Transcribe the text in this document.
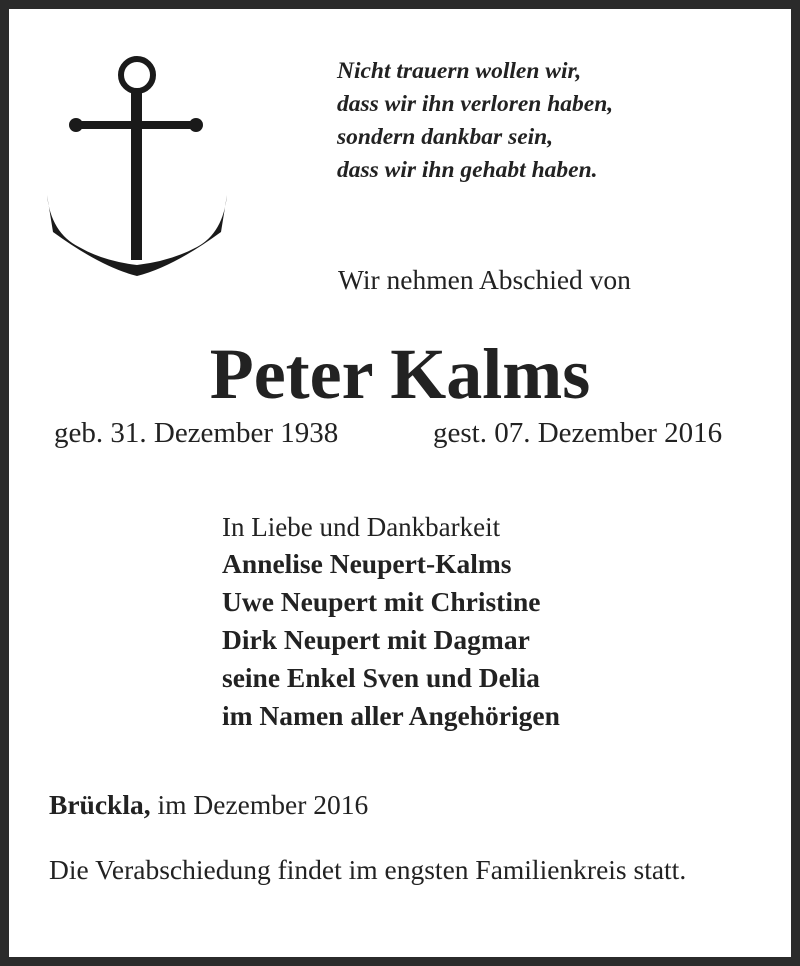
Nicht trauern wollen wir,
dass wir ihn verloren haben,
sondern dankbar sein,
dass wir ihn gehabt haben.
Wir nehmen Abschied von
Peter Kalms
geb. 31. Dezember 1938	gest. 07. Dezember 2016
In Liebe und Dankbarkeit
Annelise Neupert-Kalms
Uwe Neupert mit Christine
Dirk Neupert mit Dagmar
seine Enkel Sven und Delia
im Namen aller Angehörigen
Brückla, im Dezember 2016
Die Verabschiedung findet im engsten Familienkreis statt.
